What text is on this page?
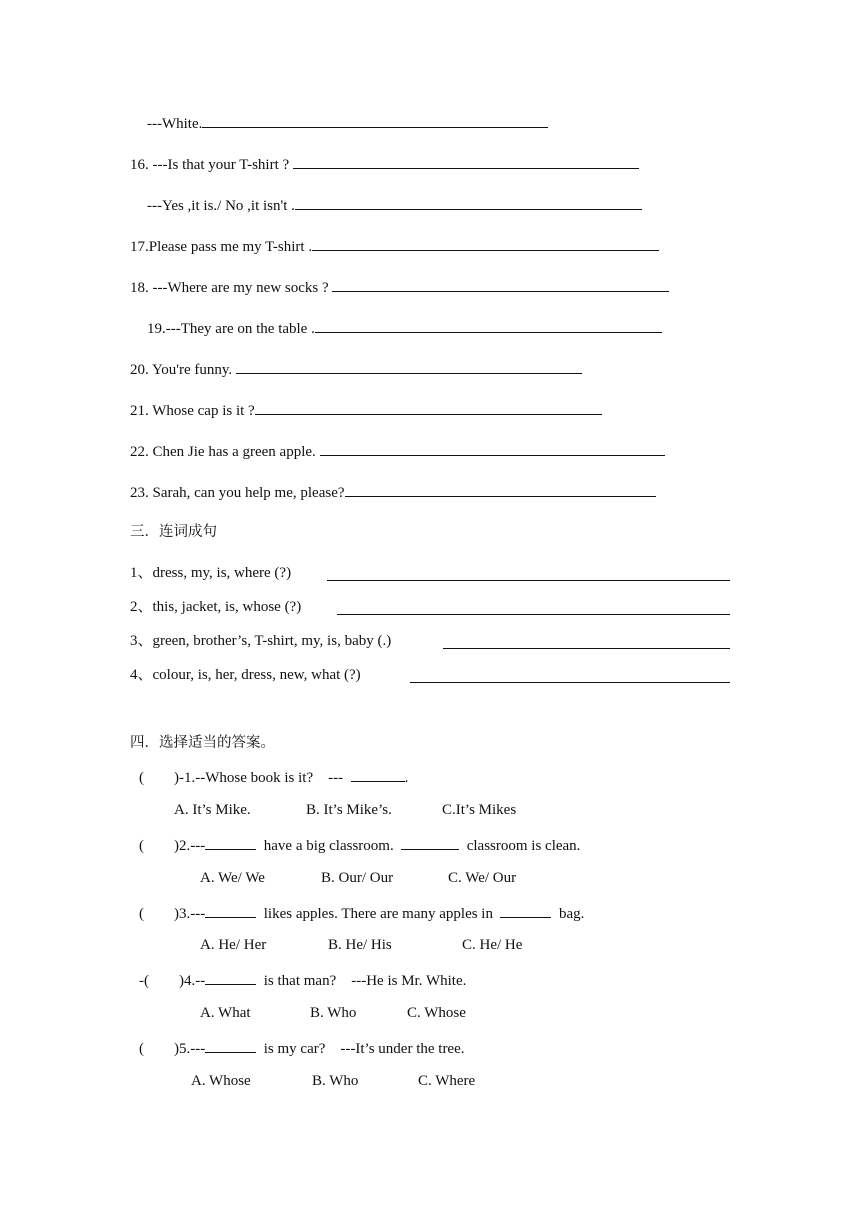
---White.
16. ---Is that your T-shirt ?
---Yes ,it is./ No ,it isn't .
17.Please pass me my T-shirt .
18. ---Where are my new socks ?
19.---They are on the table .
20. You're funny.
21. Whose cap is it ?
22. Chen Jie has a green apple.
23. Sarah, can you help me, please?
三．连词成句
1、dress, my, is, where (?)
2、this, jacket, is, whose (?)
3、green, brother’s, T-shirt, my, is, baby (.)
4、colour, is, her, dress, new, what (?)
四．选择适当的答案。
(        )-1.--Whose book is it?    ---	.
A. It’s Mike.	B. It’s Mike’s.	C.It’s Mikes
(        )2.---	have a big classroom.	classroom is clean.
A. We/ We	B. Our/ Our	C. We/ Our
(        )3.---	likes apples. There are many apples in	bag.
A. He/ Her	B. He/ His	C. He/ He
-(        )4.--	is that man?    ---He is Mr. White.
A. What	B. Who	C. Whose
(        )5.---	is my car?    ---It’s under the tree.
A. Whose	B. Who	C. Where
